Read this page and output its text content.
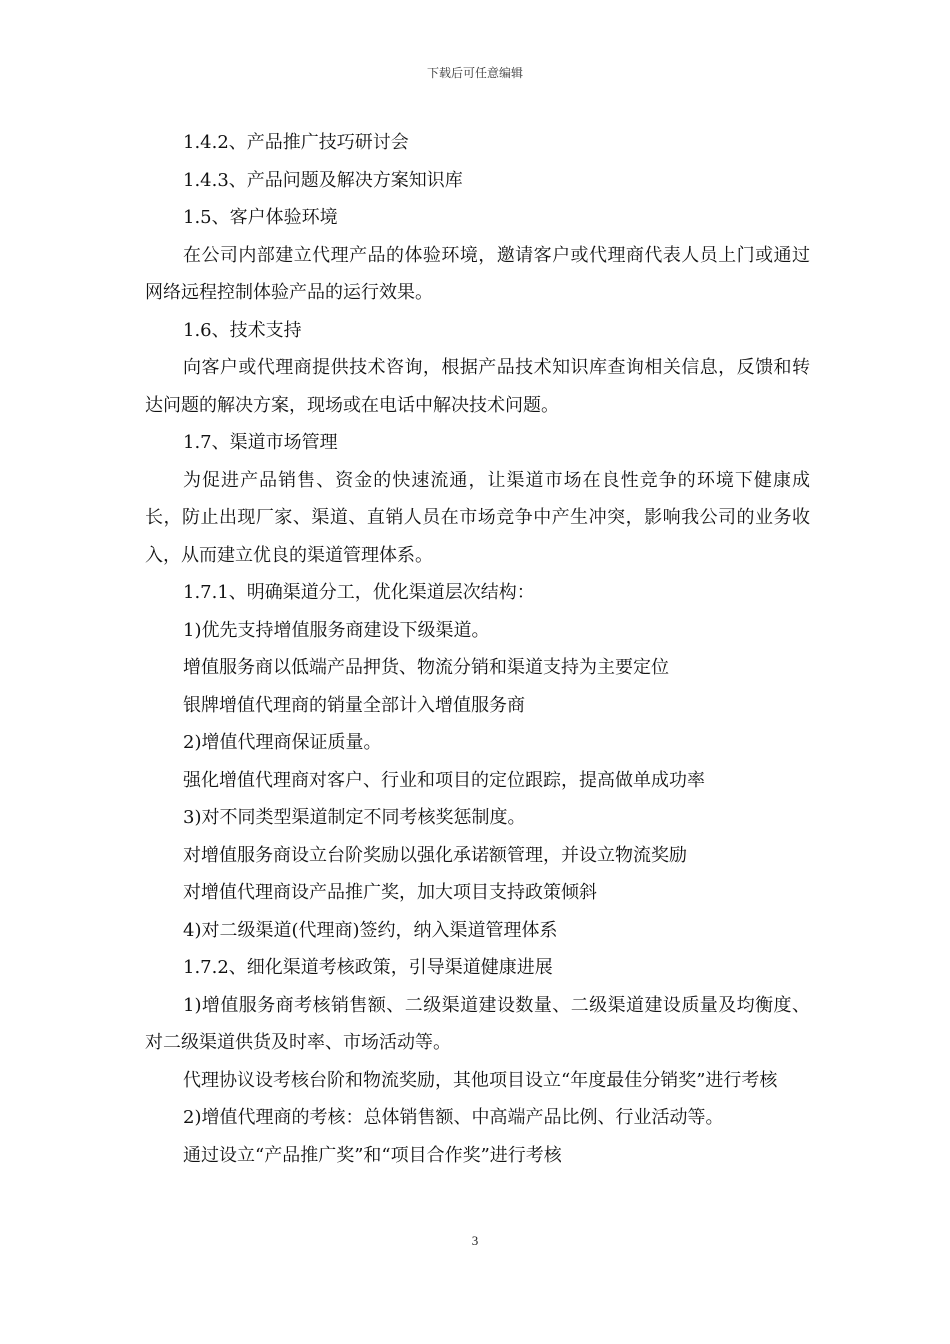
下载后可任意编辑

1.4.2、产品推广技巧研讨会

1.4.3、产品问题及解决方案知识库

1.5、客户体验环境

在公司内部建立代理产品的体验环境，邀请客户或代理商代表人员上门或通过网络远程控制体验产品的运行效果。

1.6、技术支持

向客户或代理商提供技术咨询，根据产品技术知识库查询相关信息，反馈和转达问题的解决方案，现场或在电话中解决技术问题。

1.7、渠道市场管理

为促进产品销售、资金的快速流通，让渠道市场在良性竞争的环境下健康成长，防止出现厂家、渠道、直销人员在市场竞争中产生冲突，影响我公司的业务收入，从而建立优良的渠道管理体系。

1.7.1、明确渠道分工，优化渠道层次结构：

1)优先支持增值服务商建设下级渠道。

增值服务商以低端产品押货、物流分销和渠道支持为主要定位

银牌增值代理商的销量全部计入增值服务商

2)增值代理商保证质量。

强化增值代理商对客户、行业和项目的定位跟踪，提高做单成功率

3)对不同类型渠道制定不同考核奖惩制度。

对增值服务商设立台阶奖励以强化承诺额管理，并设立物流奖励

对增值代理商设产品推广奖，加大项目支持政策倾斜

4)对二级渠道(代理商)签约，纳入渠道管理体系

1.7.2、细化渠道考核政策，引导渠道健康进展

1)增值服务商考核销售额、二级渠道建设数量、二级渠道建设质量及均衡度、对二级渠道供货及时率、市场活动等。

代理协议设考核台阶和物流奖励，其他项目设立“年度最佳分销奖”进行考核

2)增值代理商的考核：总体销售额、中高端产品比例、行业活动等。

通过设立“产品推广奖”和“项目合作奖”进行考核

3
